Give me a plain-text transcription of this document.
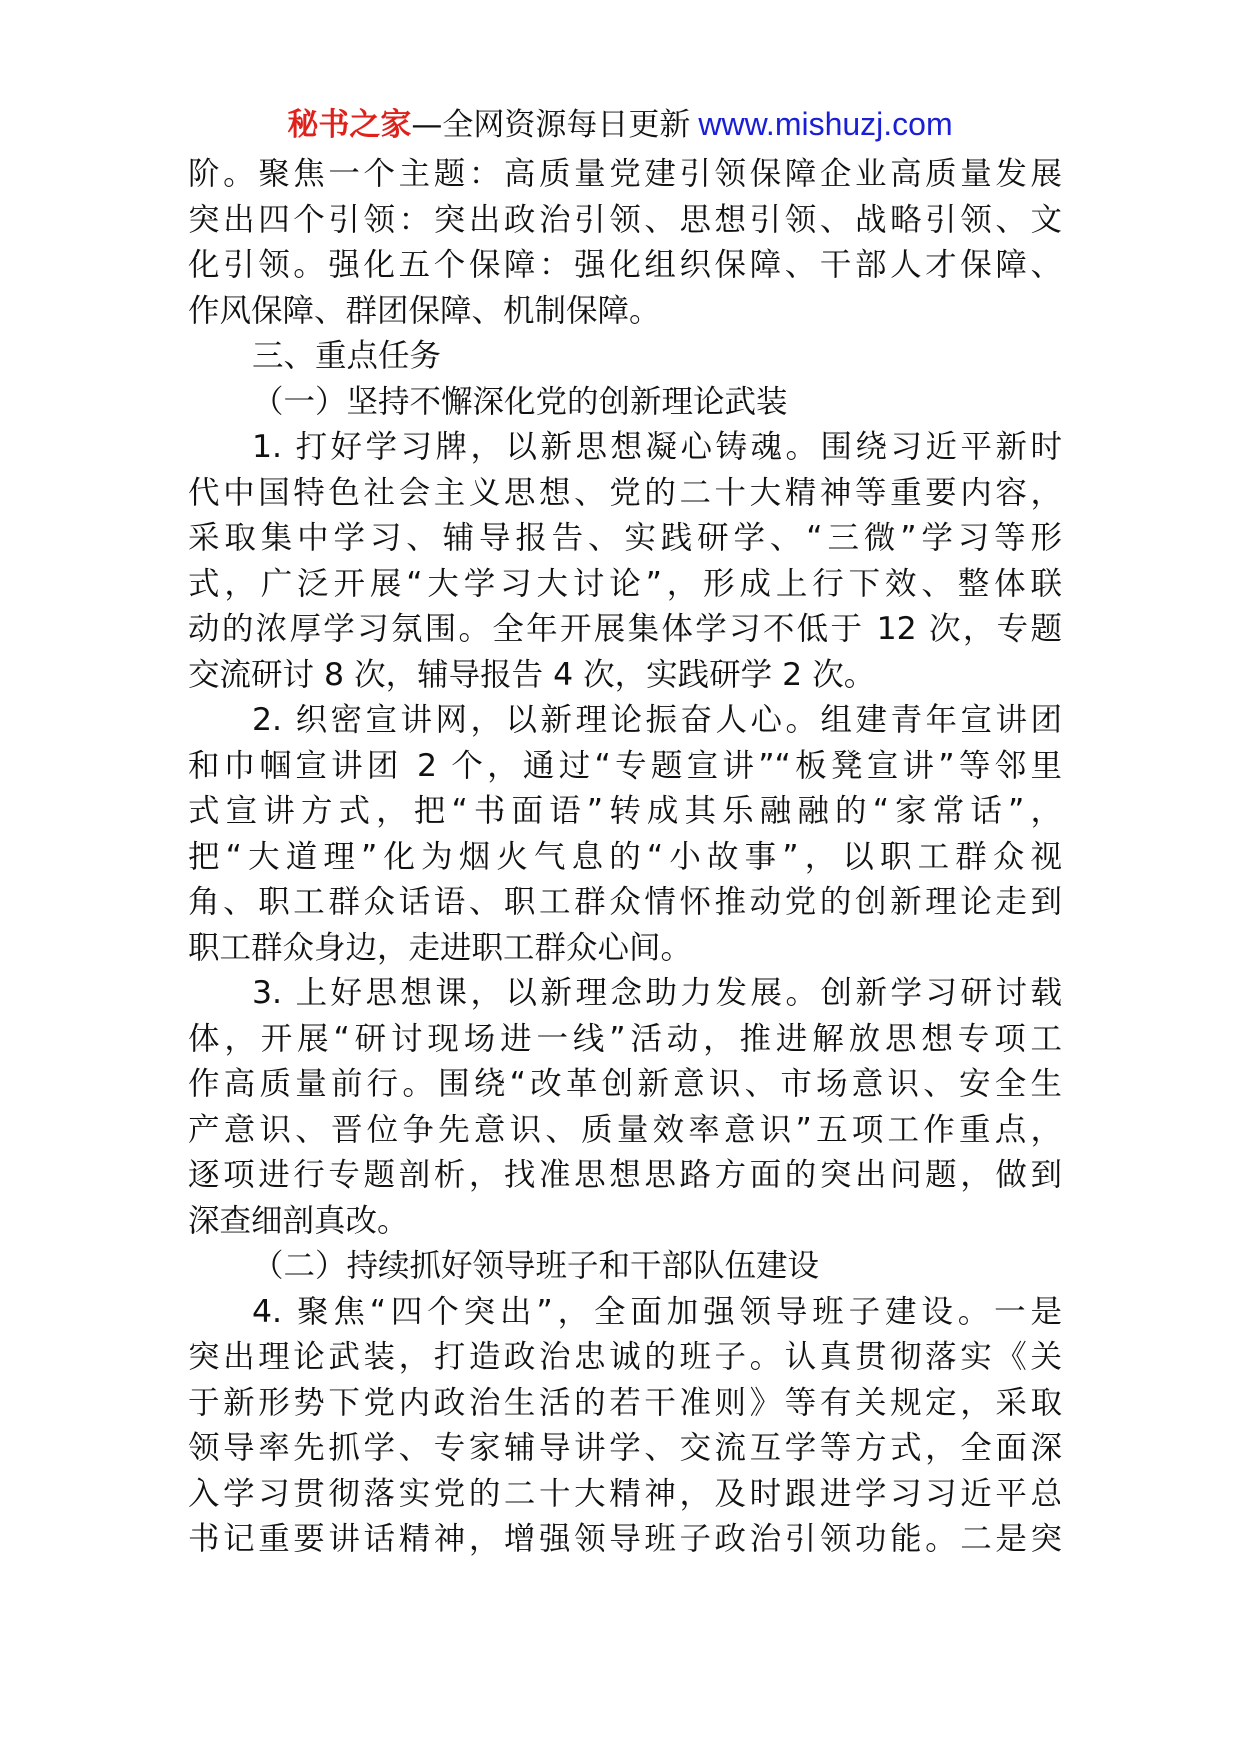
秘书之家—全网资源每日更新 www.mishuzj.com
阶。聚焦一个主题：高质量党建引领保障企业高质量发展
突出四个引领：突出政治引领、思想引领、战略引领、文
化引领。强化五个保障：强化组织保障、干部人才保障、
作风保障、群团保障、机制保障。
三、重点任务
（一）坚持不懈深化党的创新理论武装
1. 打好学习牌，以新思想凝心铸魂。围绕习近平新时
代中国特色社会主义思想、党的二十大精神等重要内容，
采取集中学习、辅导报告、实践研学、“三微”学习等形
式，广泛开展“大学习大讨论”，形成上行下效、整体联
动的浓厚学习氛围。全年开展集体学习不低于 12 次，专题
交流研讨 8 次，辅导报告 4 次，实践研学 2 次。
2. 织密宣讲网，以新理论振奋人心。组建青年宣讲团
和巾帼宣讲团 2 个，通过“专题宣讲”“板凳宣讲”等邻里
式宣讲方式，把“书面语”转成其乐融融的“家常话”，
把“大道理”化为烟火气息的“小故事”，以职工群众视
角、职工群众话语、职工群众情怀推动党的创新理论走到
职工群众身边，走进职工群众心间。
3. 上好思想课，以新理念助力发展。创新学习研讨载
体，开展“研讨现场进一线”活动，推进解放思想专项工
作高质量前行。围绕“改革创新意识、市场意识、安全生
产意识、晋位争先意识、质量效率意识”五项工作重点，
逐项进行专题剖析，找准思想思路方面的突出问题，做到
深查细剖真改。
（二）持续抓好领导班子和干部队伍建设
4. 聚焦“四个突出”，全面加强领导班子建设。一是
突出理论武装，打造政治忠诚的班子。认真贯彻落实《关
于新形势下党内政治生活的若干准则》等有关规定，采取
领导率先抓学、专家辅导讲学、交流互学等方式，全面深
入学习贯彻落实党的二十大精神，及时跟进学习习近平总
书记重要讲话精神，增强领导班子政治引领功能。二是突
